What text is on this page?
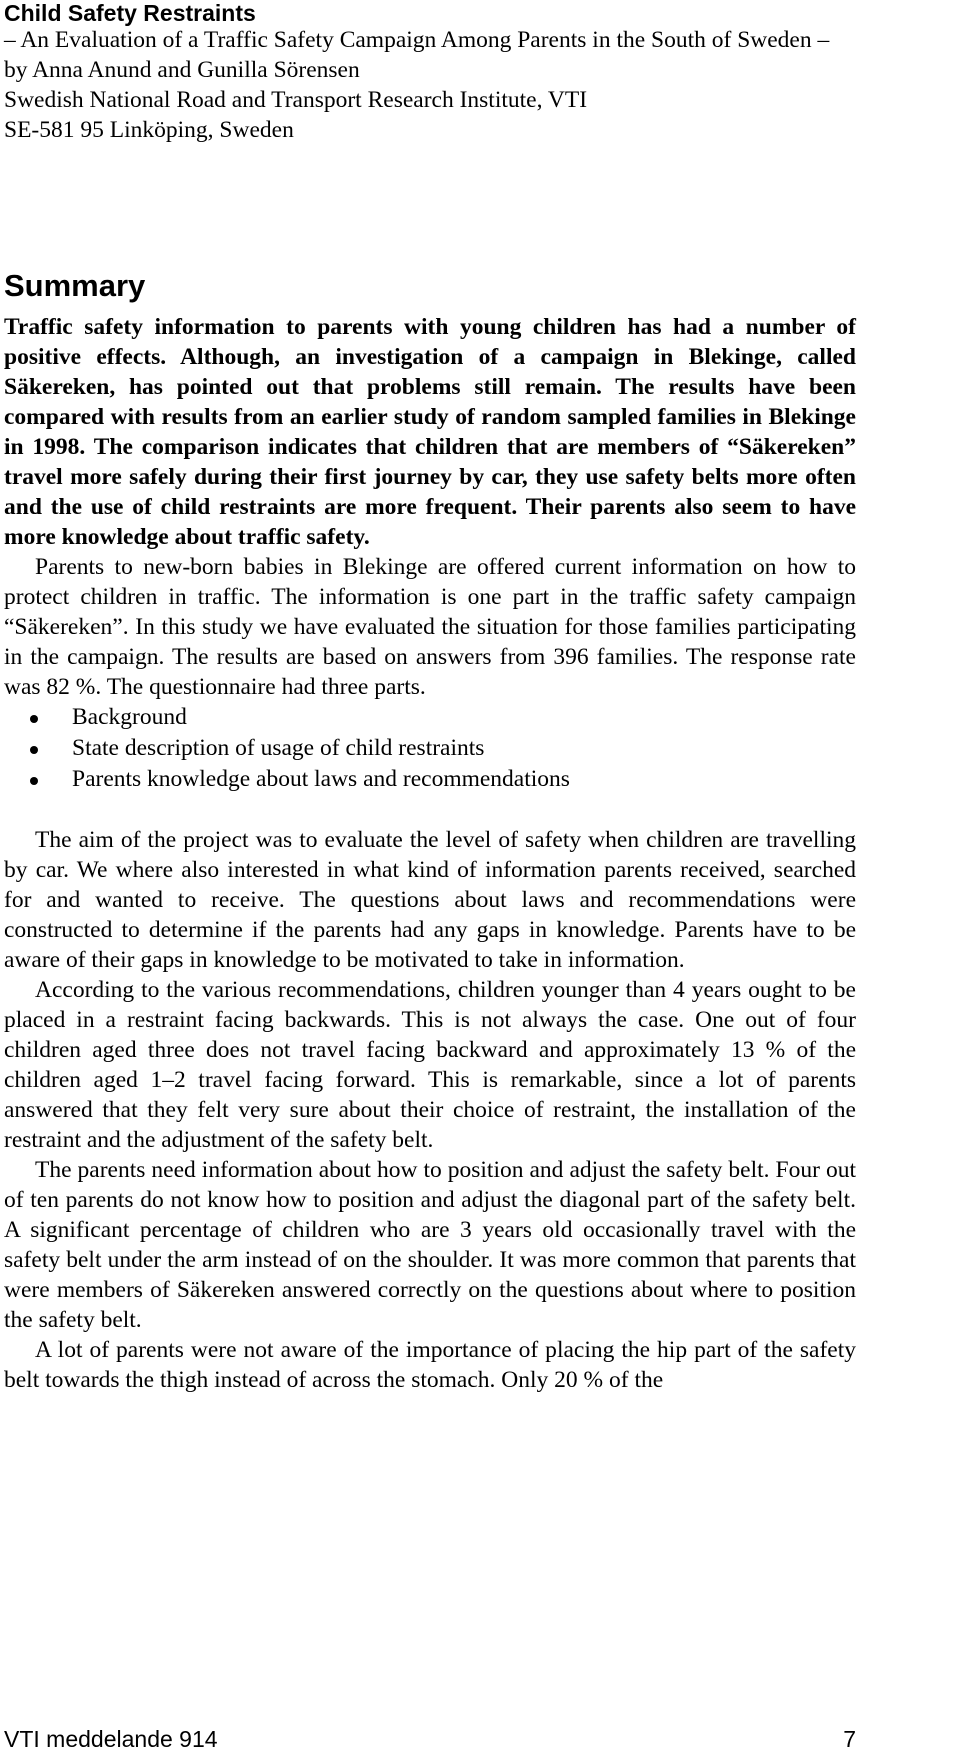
Child Safety Restraints
– An Evaluation of a Traffic Safety Campaign Among Parents in the South of Sweden –
by Anna Anund and Gunilla Sörensen
Swedish National Road and Transport Research Institute, VTI
SE-581 95 Linköping, Sweden
Summary

Traffic safety information to parents with young children has had a number of positive effects. Although, an investigation of a campaign in Blekinge, called Säkereken, has pointed out that problems still remain. The results have been compared with results from an earlier study of random sampled families in Blekinge in 1998. The comparison indicates that children that are members of “Säkereken” travel more safely during their first journey by car, they use safety belts more often and the use of child restraints are more frequent. Their parents also seem to have more knowledge about traffic safety.

Parents to new-born babies in Blekinge are offered current information on how to protect children in traffic. The information is one part in the traffic safety campaign “Säkereken”. In this study we have evaluated the situation for those families participating in the campaign. The results are based on answers from 396 families. The response rate was 82 %. The questionnaire had three parts.

Background
State description of usage of child restraints
Parents knowledge about laws and recommendations

The aim of the project was to evaluate the level of safety when children are travelling by car. We where also interested in what kind of information parents received, searched for and wanted to receive. The questions about laws and recommendations were constructed to determine if the parents had any gaps in knowledge. Parents have to be aware of their gaps in knowledge to be motivated to take in information.

According to the various recommendations, children younger than 4 years ought to be placed in a restraint facing backwards. This is not always the case. One out of four children aged three does not travel facing backward and approximately 13 % of the children aged 1–2 travel facing forward. This is remarkable, since a lot of parents answered that they felt very sure about their choice of restraint, the installation of the restraint and the adjustment of the safety belt.

The parents need information about how to position and adjust the safety belt. Four out of ten parents do not know how to position and adjust the diagonal part of the safety belt. A significant percentage of children who are 3 years old occasionally travel with the safety belt under the arm instead of on the shoulder. It was more common that parents that were members of Säkereken answered correctly on the questions about where to position the safety belt.

A lot of parents were not aware of the importance of placing the hip part of the safety belt towards the thigh instead of across the stomach. Only 20 % of the

VTI meddelande 914	7
